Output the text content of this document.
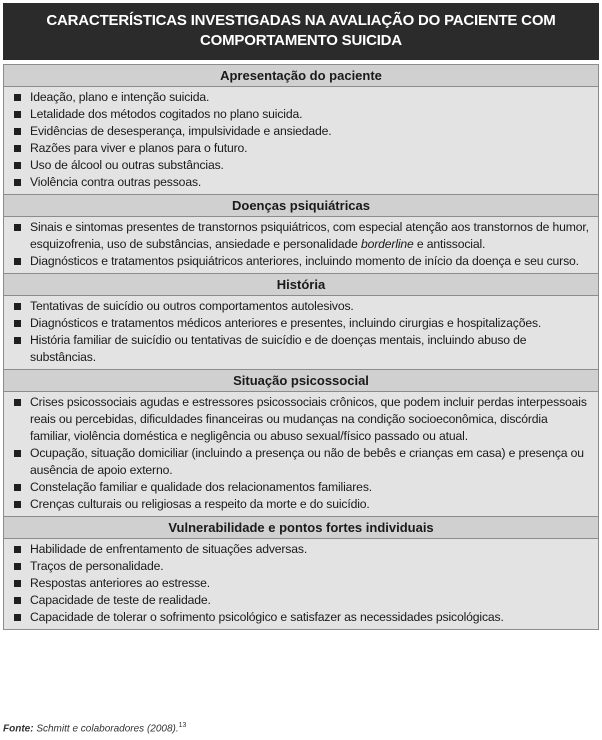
CARACTERÍSTICAS INVESTIGADAS NA AVALIAÇÃO DO PACIENTE COM
COMPORTAMENTO SUICIDA
Apresentação do paciente
Ideação, plano e intenção suicida.
Letalidade dos métodos cogitados no plano suicida.
Evidências de desesperança, impulsividade e ansiedade.
Razões para viver e planos para o futuro.
Uso de álcool ou outras substâncias.
Violência contra outras pessoas.
Doenças psiquiátricas
Sinais e sintomas presentes de transtornos psiquiátricos, com especial atenção aos transtornos de humor, esquizofrenia, uso de substâncias, ansiedade e personalidade borderline e antissocial.
Diagnósticos e tratamentos psiquiátricos anteriores, incluindo momento de início da doença e seu curso.
História
Tentativas de suicídio ou outros comportamentos autolesivos.
Diagnósticos e tratamentos médicos anteriores e presentes, incluindo cirurgias e hospitalizações.
História familiar de suicídio ou tentativas de suicídio e de doenças mentais, incluindo abuso de substâncias.
Situação psicossocial
Crises psicossociais agudas e estressores psicossociais crônicos, que podem incluir perdas interpessoais reais ou percebidas, dificuldades financeiras ou mudanças na condição socioeconômica, discórdia familiar, violência doméstica e negligência ou abuso sexual/físico passado ou atual.
Ocupação, situação domiciliar (incluindo a presença ou não de bebês e crianças em casa) e presença ou ausência de apoio externo.
Constelação familiar e qualidade dos relacionamentos familiares.
Crenças culturais ou religiosas a respeito da morte e do suicídio.
Vulnerabilidade e pontos fortes individuais
Habilidade de enfrentamento de situações adversas.
Traços de personalidade.
Respostas anteriores ao estresse.
Capacidade de teste de realidade.
Capacidade de tolerar o sofrimento psicológico e satisfazer as necessidades psicológicas.
Fonte: Schmitt e colaboradores (2008).$^{13}$
